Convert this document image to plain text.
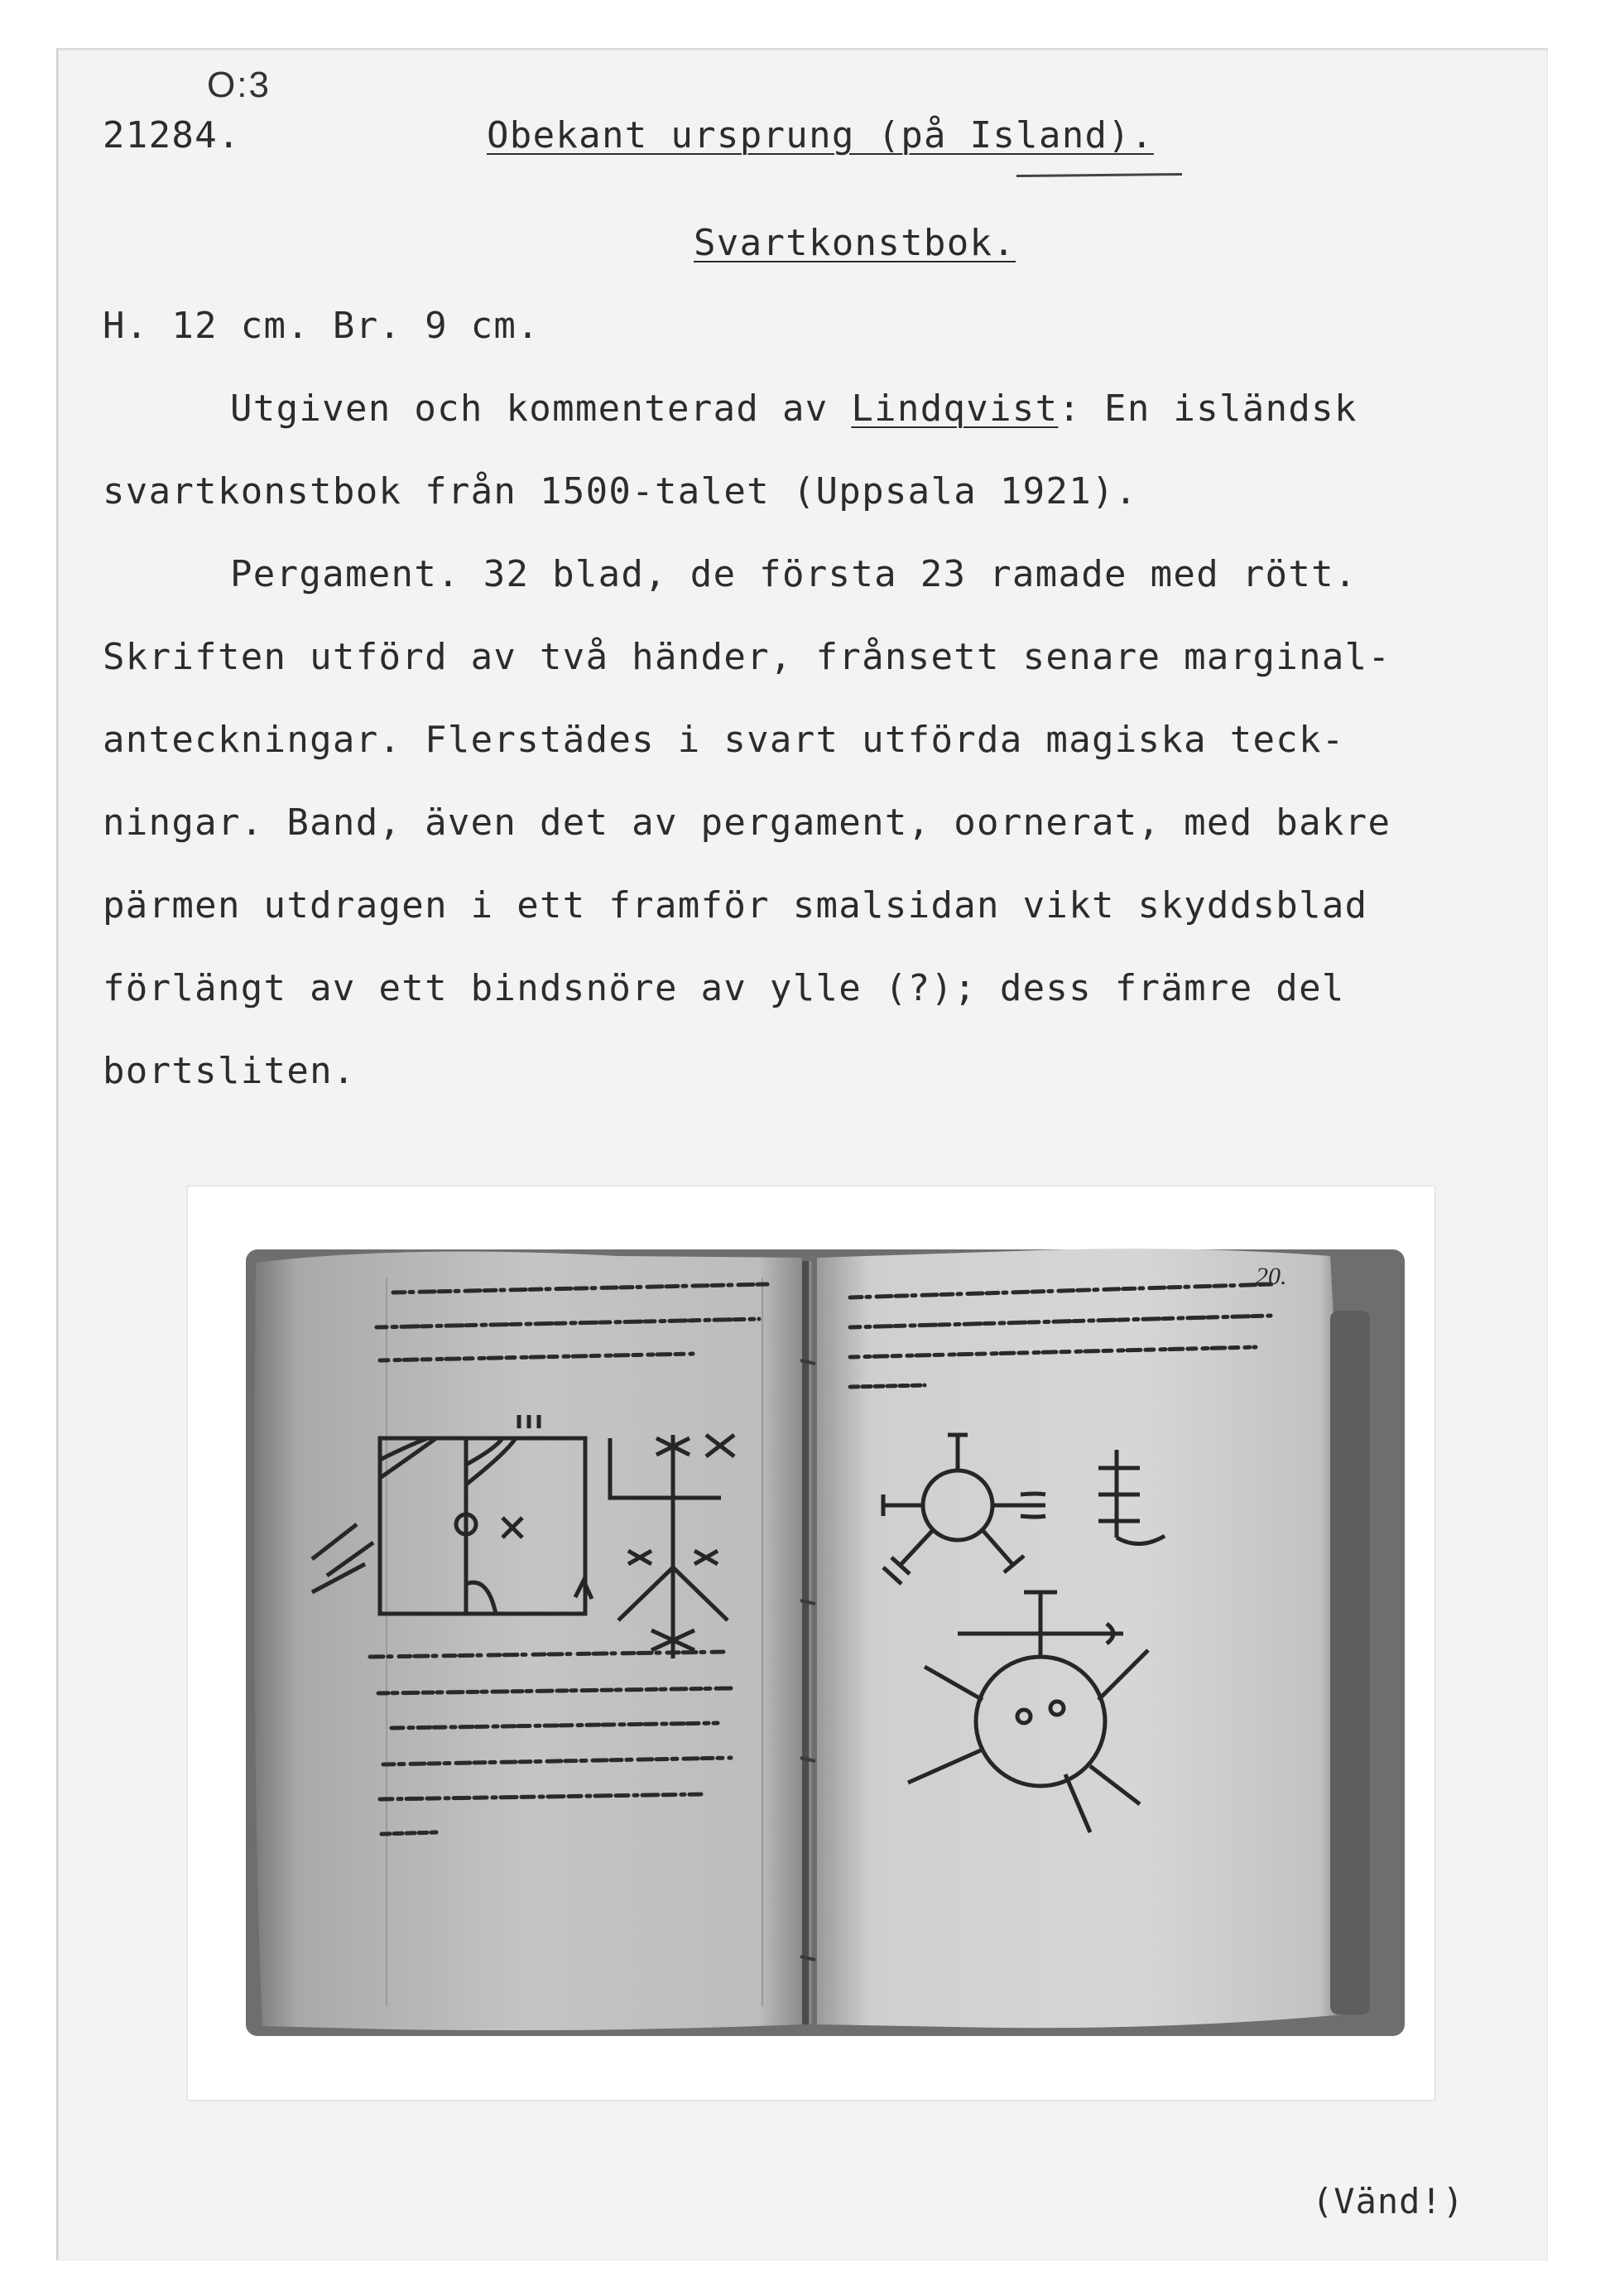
O:3
21284.	Obekant ursprung (på Island).
Svartkonstbok.
H. 12 cm. Br. 9 cm.
Utgiven och kommenterad av Lindqvist: En isländsk
svartkonstbok från 1500-talet (Uppsala 1921).
Pergament. 32 blad, de första 23 ramade med rött.
Skriften utförd av två händer, frånsett senare marginal-
anteckningar. Flerstädes i svart utförda magiska teck-
ningar. Band, även det av pergament, oornerat, med bakre
pärmen utdragen i ett framför smalsidan vikt skyddsblad
förlängt av ett bindsnöre av ylle (?); dess främre del
bortsliten.
20.
(Vänd!)
